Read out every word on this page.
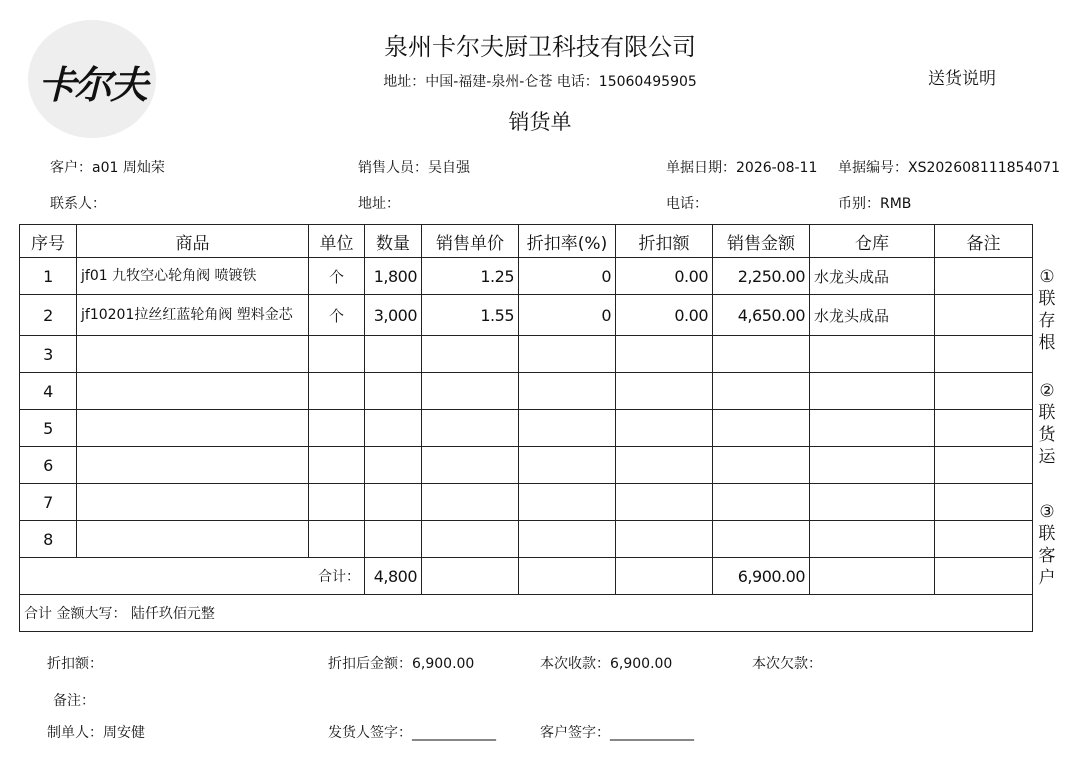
卡尔夫
泉州卡尔夫厨卫科技有限公司
地址：中国-福建-泉州-仑苍 电话：15060495905
销货单
送货说明
客户：a01 周灿荣	销售人员：吴自强	单据日期：2026-08-11 单据编号：XS202608111854071
联系人：	地址：	电话：	币别：RMB
序号	商品	单位	数量	销售单价	折扣率(%)	折扣额	销售金额	仓库	备注
1	jf01 九牧空心轮角阀 喷镀铁	个	1,800	1.25	0	0.00	2,250.00	水龙头成品	
2	jf10201拉丝红蓝轮角阀 塑料金芯	个	3,000	1.55	0	0.00	4,650.00	水龙头成品	
3									
4									
5									
6									
7									
8									
合计：			4,800				6,900.00		
合计 金额大写： 陆仟玖佰元整									
①联存根
②联货运
③联客户
折扣额：	折扣后金额：6,900.00	本次收款：6,900.00	本次欠款：
备注：
制单人：周安健	发货人签字：____________	客户签字：____________
